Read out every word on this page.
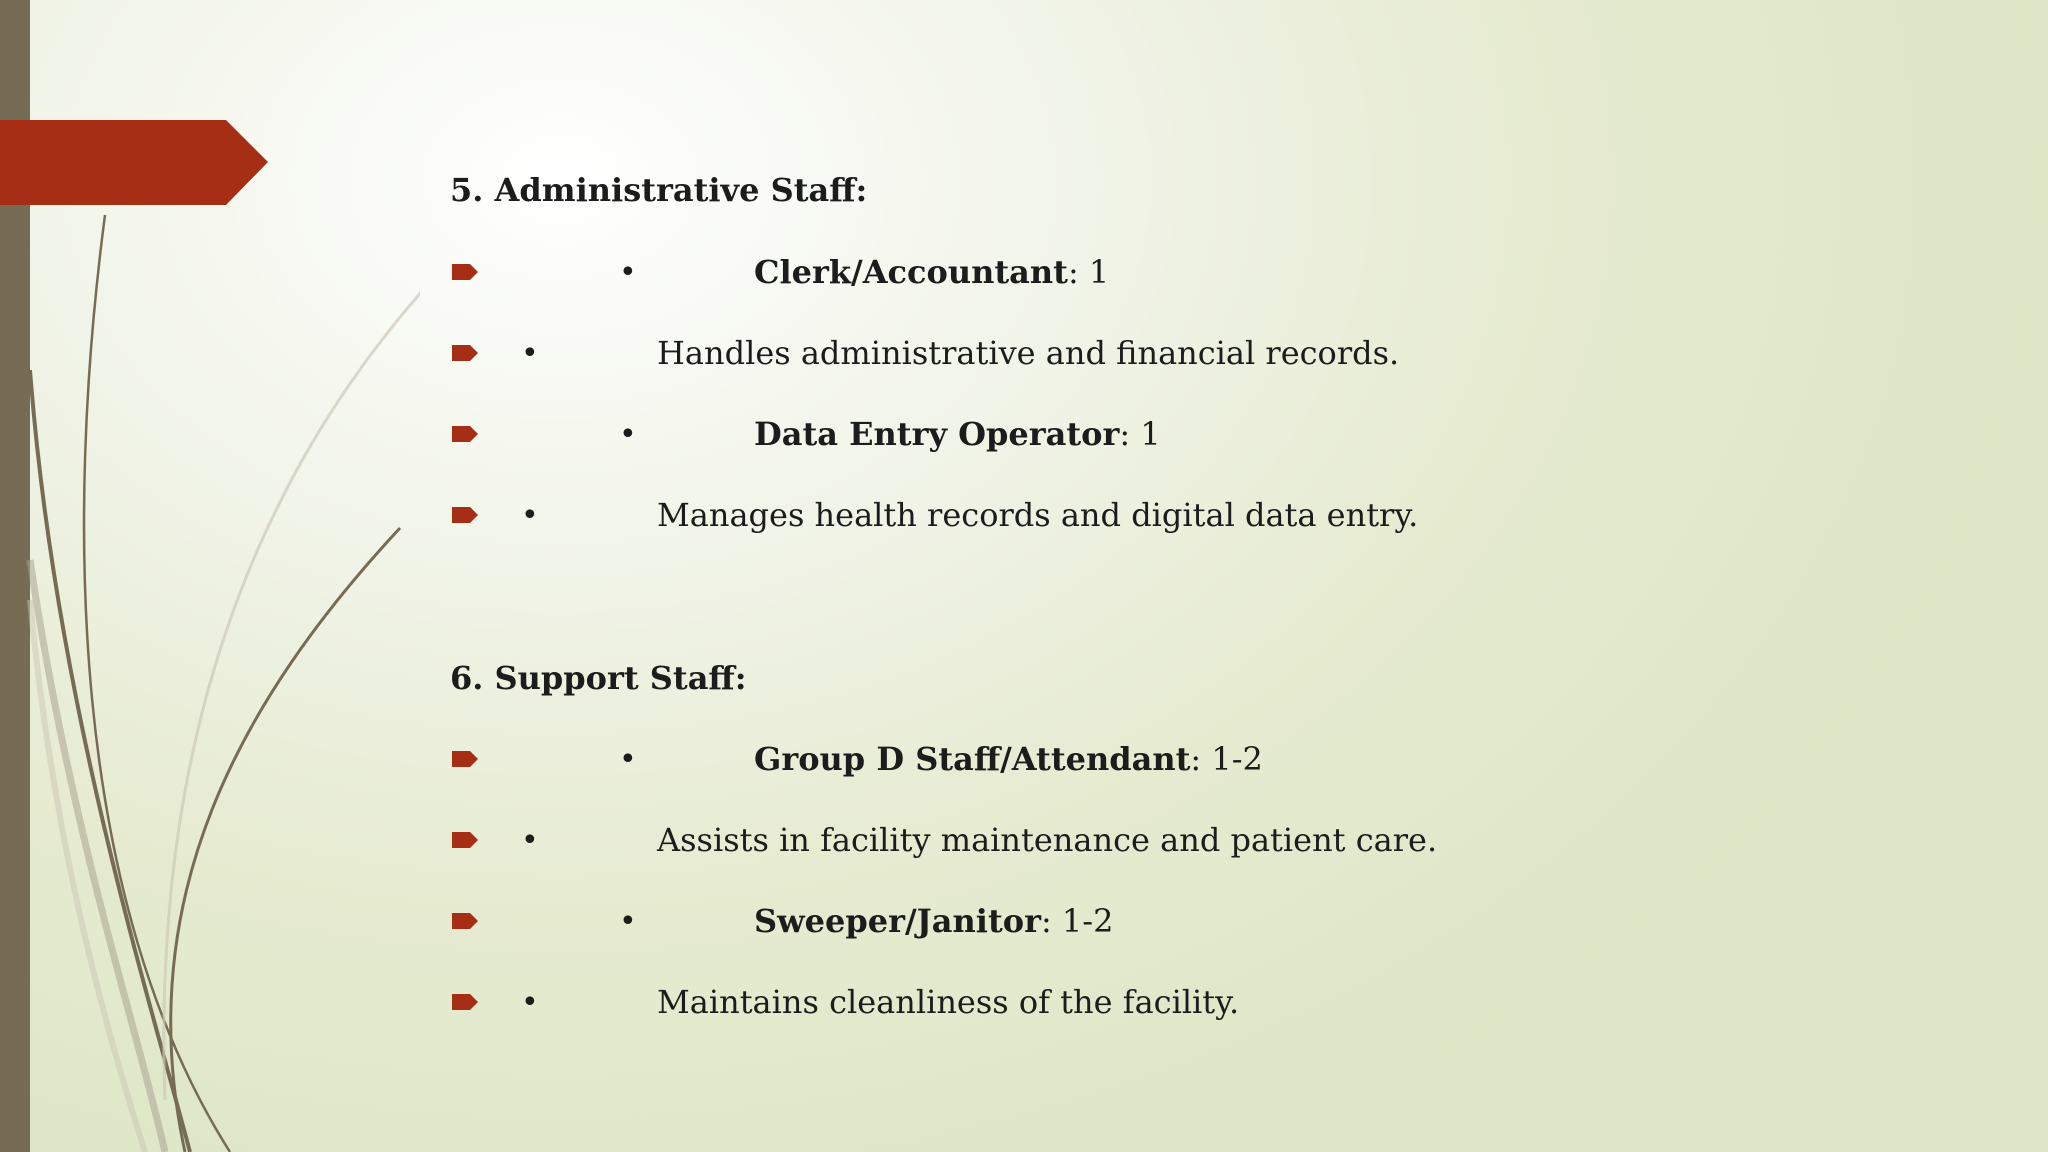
5. Administrative Staff:
•	Clerk/Accountant: 1
•	Handles administrative and financial records.
•	Data Entry Operator: 1
•	Manages health records and digital data entry.
6. Support Staff:
•	Group D Staff/Attendant: 1-2
•	Assists in facility maintenance and patient care.
•	Sweeper/Janitor: 1-2
•	Maintains cleanliness of the facility.
